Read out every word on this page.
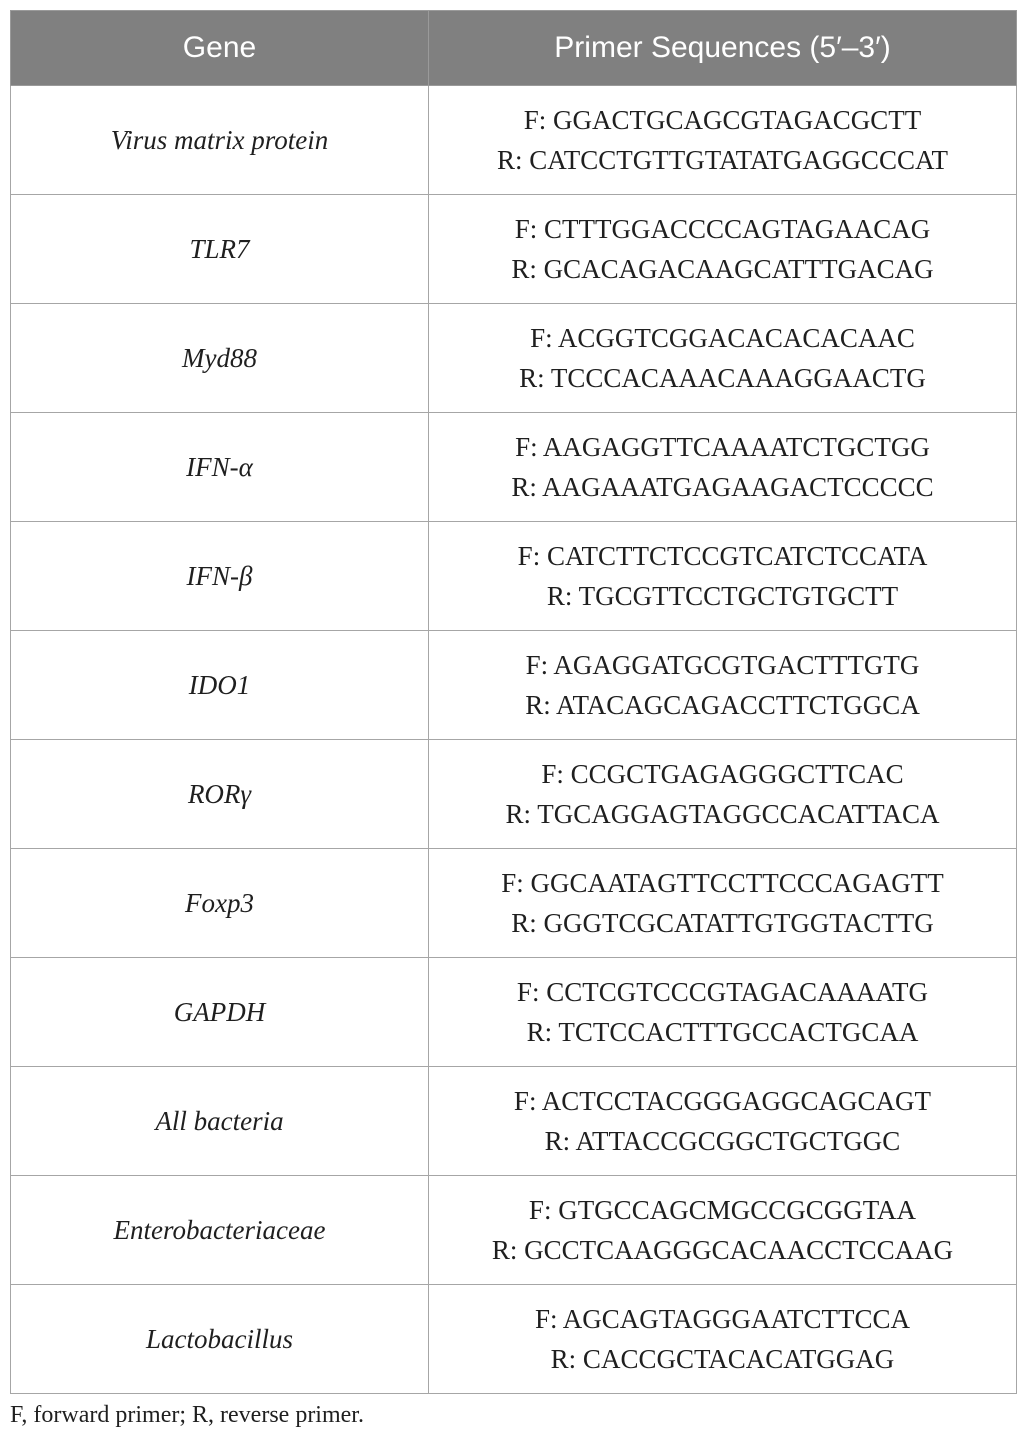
Gene	Primer Sequences (5′–3′)
Virus matrix protein	F: GGACTGCAGCGTAGACGCTT
R: CATCCTGTTGTATATGAGGCCCAT

TLR7	F: CTTTGGACCCCAGTAGAACAG
R: GCACAGACAAGCATTTGACAG

Myd88	F: ACGGTCGGACACACACAAC
R: TCCCACAAACAAAGGAACTG

IFN-α	F: AAGAGGTTCAAAATCTGCTGG
R: AAGAAATGAGAAGACTCCCCC

IFN-β	F: CATCTTCTCCGTCATCTCCATA
R: TGCGTTCCTGCTGTGCTT

IDO1	F: AGAGGATGCGTGACTTTGTG
R: ATACAGCAGACCTTCTGGCA

RORγ	F: CCGCTGAGAGGGCTTCAC
R: TGCAGGAGTAGGCCACATTACA

Foxp3	F: GGCAATAGTTCCTTCCCAGAGTT
R: GGGTCGCATATTGTGGTACTTG

GAPDH	F: CCTCGTCCCGTAGACAAAATG
R: TCTCCACTTTGCCACTGCAA

All bacteria	F: ACTCCTACGGGAGGCAGCAGT
R: ATTACCGCGGCTGCTGGC

Enterobacteriaceae	F: GTGCCAGCMGCCGCGGTAA
R: GCCTCAAGGGCACAACCTCCAAG

Lactobacillus	F: AGCAGTAGGGAATCTTCCA
R: CACCGCTACACATGGAG
F, forward primer; R, reverse primer.
